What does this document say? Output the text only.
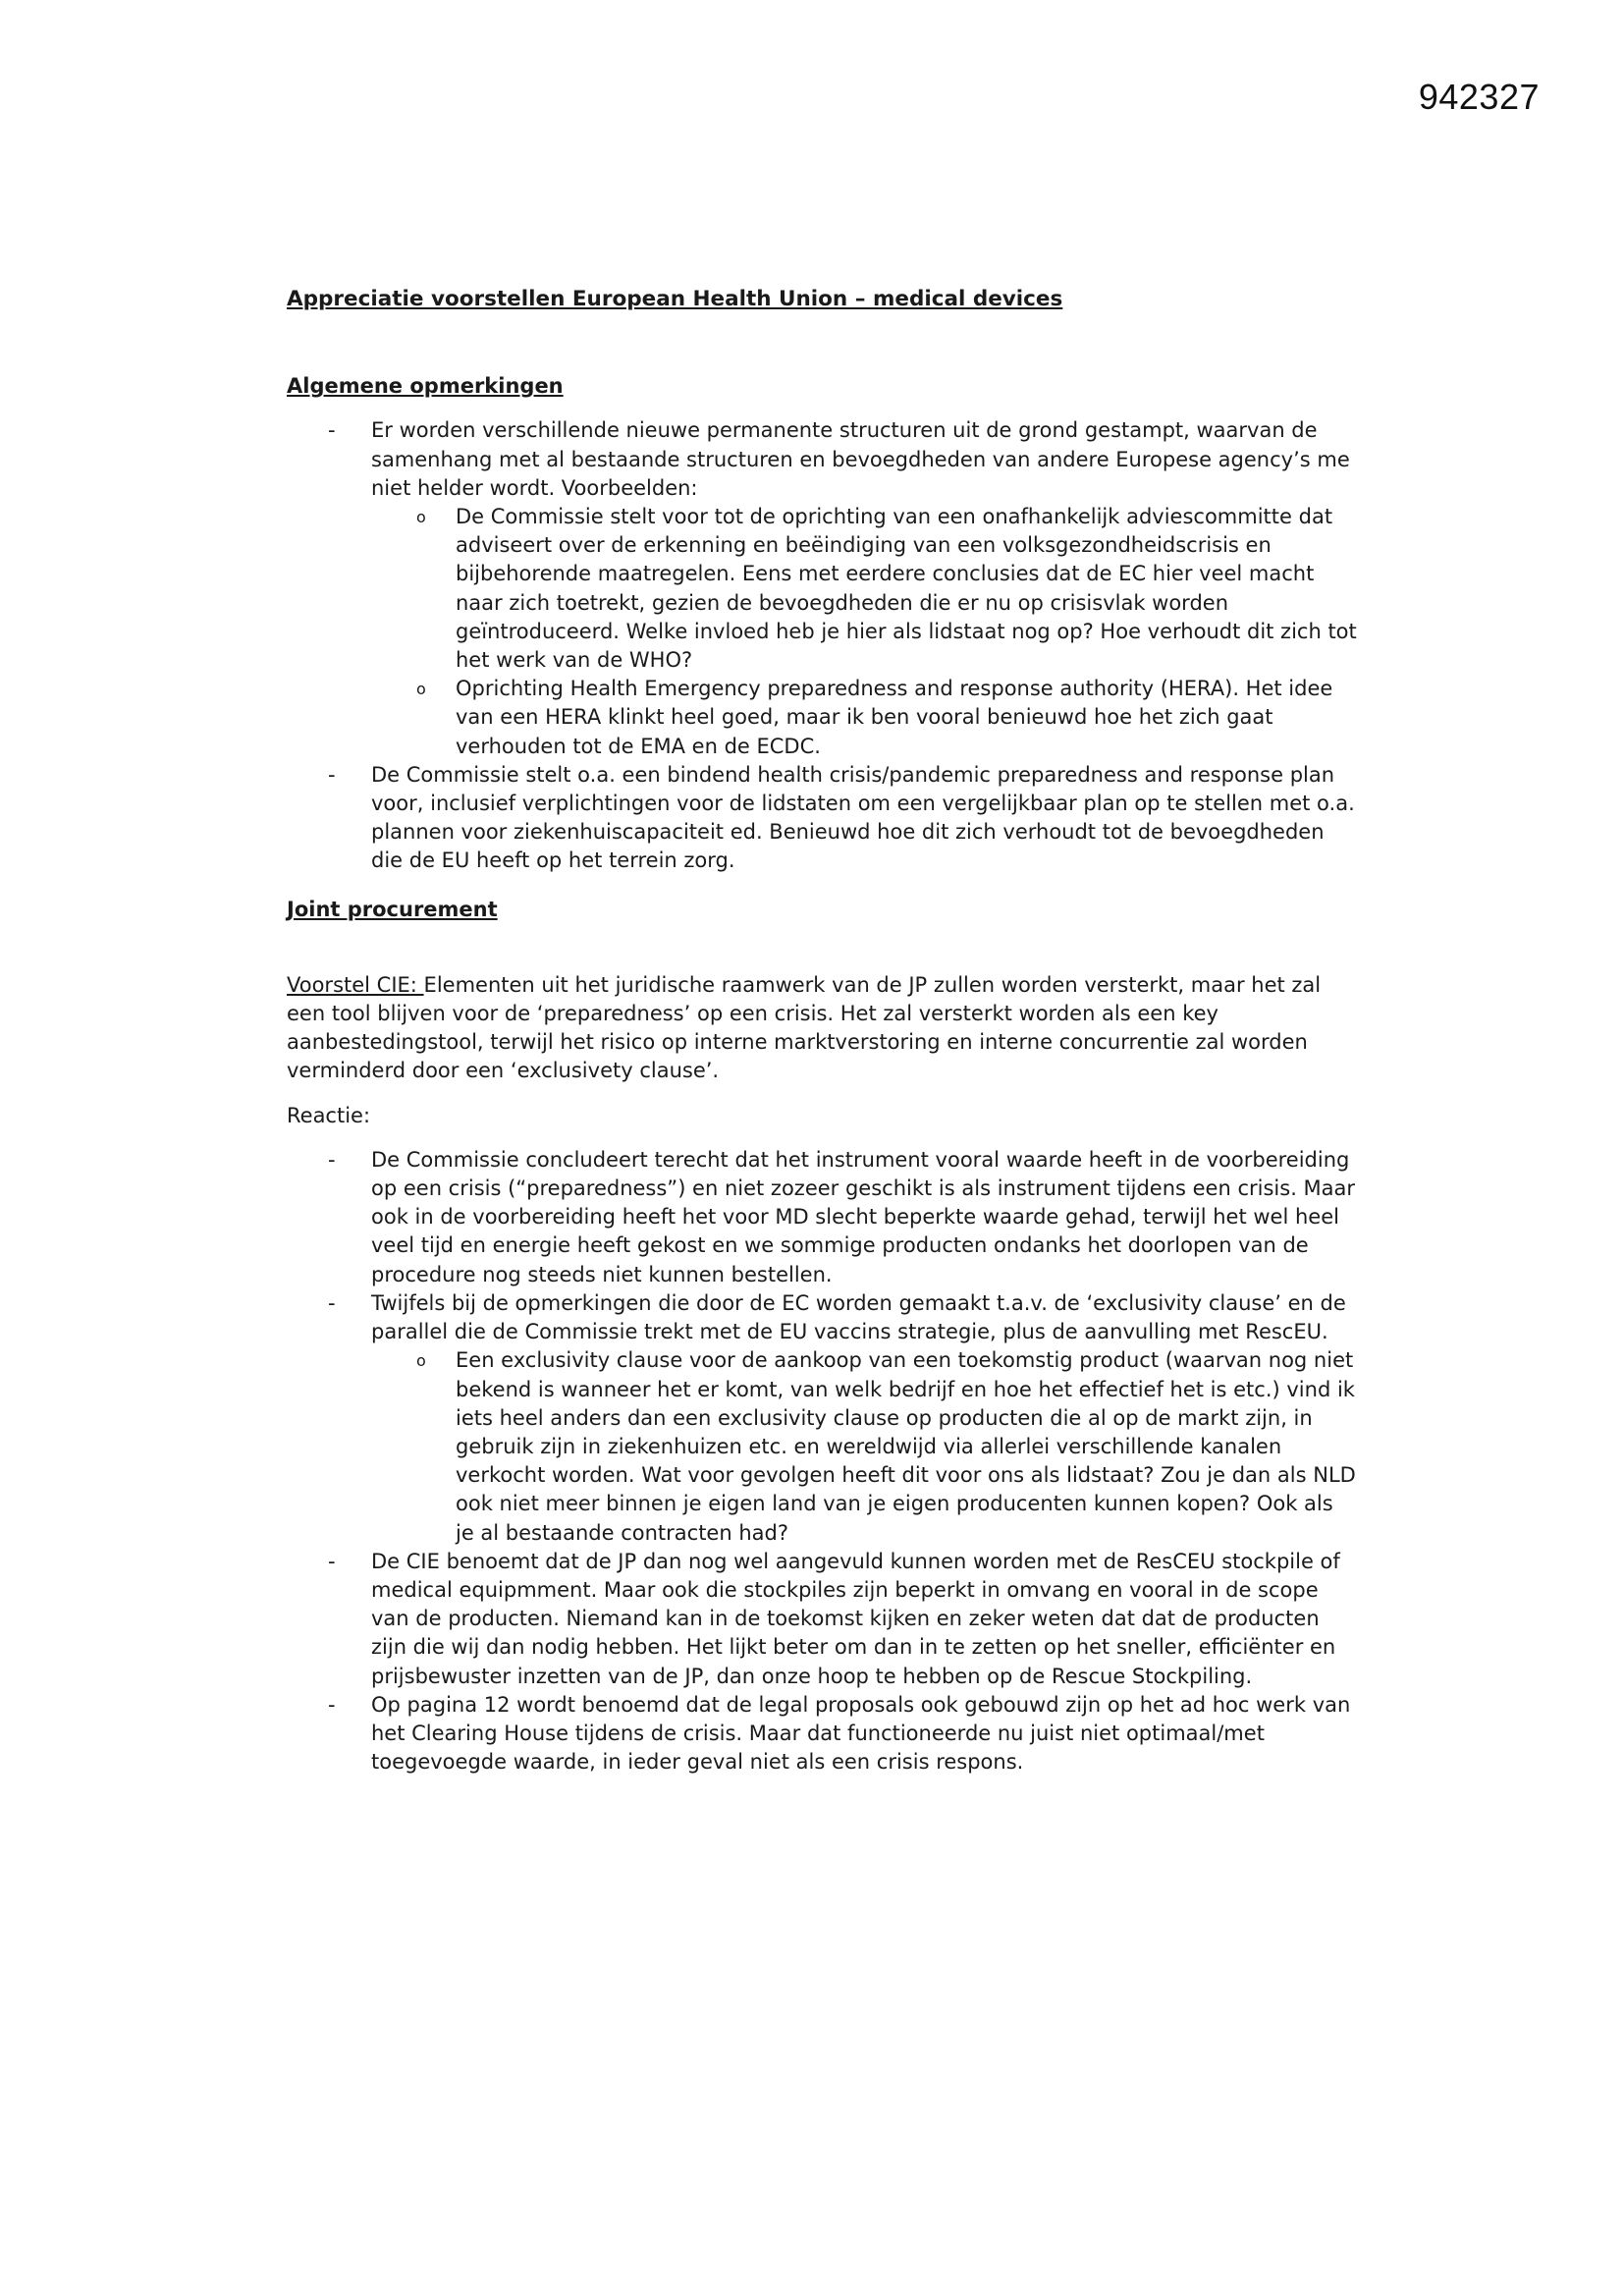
942327
Appreciatie voorstellen European Health Union – medical devices
Algemene opmerkingen
- Er worden verschillende nieuwe permanente structuren uit de grond gestampt, waarvan de samenhang met al bestaande structuren en bevoegdheden van andere Europese agency’s me niet helder wordt. Voorbeelden:
o De Commissie stelt voor tot de oprichting van een onafhankelijk adviescommitte dat adviseert over de erkenning en beëindiging van een volksgezondheidscrisis en bijbehorende maatregelen. Eens met eerdere conclusies dat de EC hier veel macht naar zich toetrekt, gezien de bevoegdheden die er nu op crisisvlak worden geïntroduceerd. Welke invloed heb je hier als lidstaat nog op? Hoe verhoudt dit zich tot het werk van de WHO?
o Oprichting Health Emergency preparedness and response authority (HERA). Het idee van een HERA klinkt heel goed, maar ik ben vooral benieuwd hoe het zich gaat verhouden tot de EMA en de ECDC.
- De Commissie stelt o.a. een bindend health crisis/pandemic preparedness and response plan voor, inclusief verplichtingen voor de lidstaten om een vergelijkbaar plan op te stellen met o.a. plannen voor ziekenhuiscapaciteit ed. Benieuwd hoe dit zich verhoudt tot de bevoegdheden die de EU heeft op het terrein zorg.
Joint procurement

Voorstel CIE: Elementen uit het juridische raamwerk van de JP zullen worden versterkt, maar het zal een tool blijven voor de ‘preparedness’ op een crisis. Het zal versterkt worden als een key aanbestedingstool, terwijl het risico op interne marktverstoring en interne concurrentie zal worden verminderd door een ‘exclusivety clause’.

Reactie:

- De Commissie concludeert terecht dat het instrument vooral waarde heeft in de voorbereiding op een crisis (“preparedness”) en niet zozeer geschikt is als instrument tijdens een crisis. Maar ook in de voorbereiding heeft het voor MD slecht beperkte waarde gehad, terwijl het wel heel veel tijd en energie heeft gekost en we sommige producten ondanks het doorlopen van de procedure nog steeds niet kunnen bestellen.
- Twijfels bij de opmerkingen die door de EC worden gemaakt t.a.v. de ‘exclusivity clause’ en de parallel die de Commissie trekt met de EU vaccins strategie, plus de aanvulling met RescEU.
o Een exclusivity clause voor de aankoop van een toekomstig product (waarvan nog niet bekend is wanneer het er komt, van welk bedrijf en hoe het effectief het is etc.) vind ik iets heel anders dan een exclusivity clause op producten die al op de markt zijn, in gebruik zijn in ziekenhuizen etc. en wereldwijd via allerlei verschillende kanalen verkocht worden. Wat voor gevolgen heeft dit voor ons als lidstaat? Zou je dan als NLD ook niet meer binnen je eigen land van je eigen producenten kunnen kopen? Ook als je al bestaande contracten had?
- De CIE benoemt dat de JP dan nog wel aangevuld kunnen worden met de ResCEU stockpile of medical equipmment. Maar ook die stockpiles zijn beperkt in omvang en vooral in de scope van de producten. Niemand kan in de toekomst kijken en zeker weten dat dat de producten zijn die wij dan nodig hebben. Het lijkt beter om dan in te zetten op het sneller, efficiënter en prijsbewuster inzetten van de JP, dan onze hoop te hebben op de Rescue Stockpiling.
- Op pagina 12 wordt benoemd dat de legal proposals ook gebouwd zijn op het ad hoc werk van het Clearing House tijdens de crisis. Maar dat functioneerde nu juist niet optimaal/met toegevoegde waarde, in ieder geval niet als een crisis respons.
